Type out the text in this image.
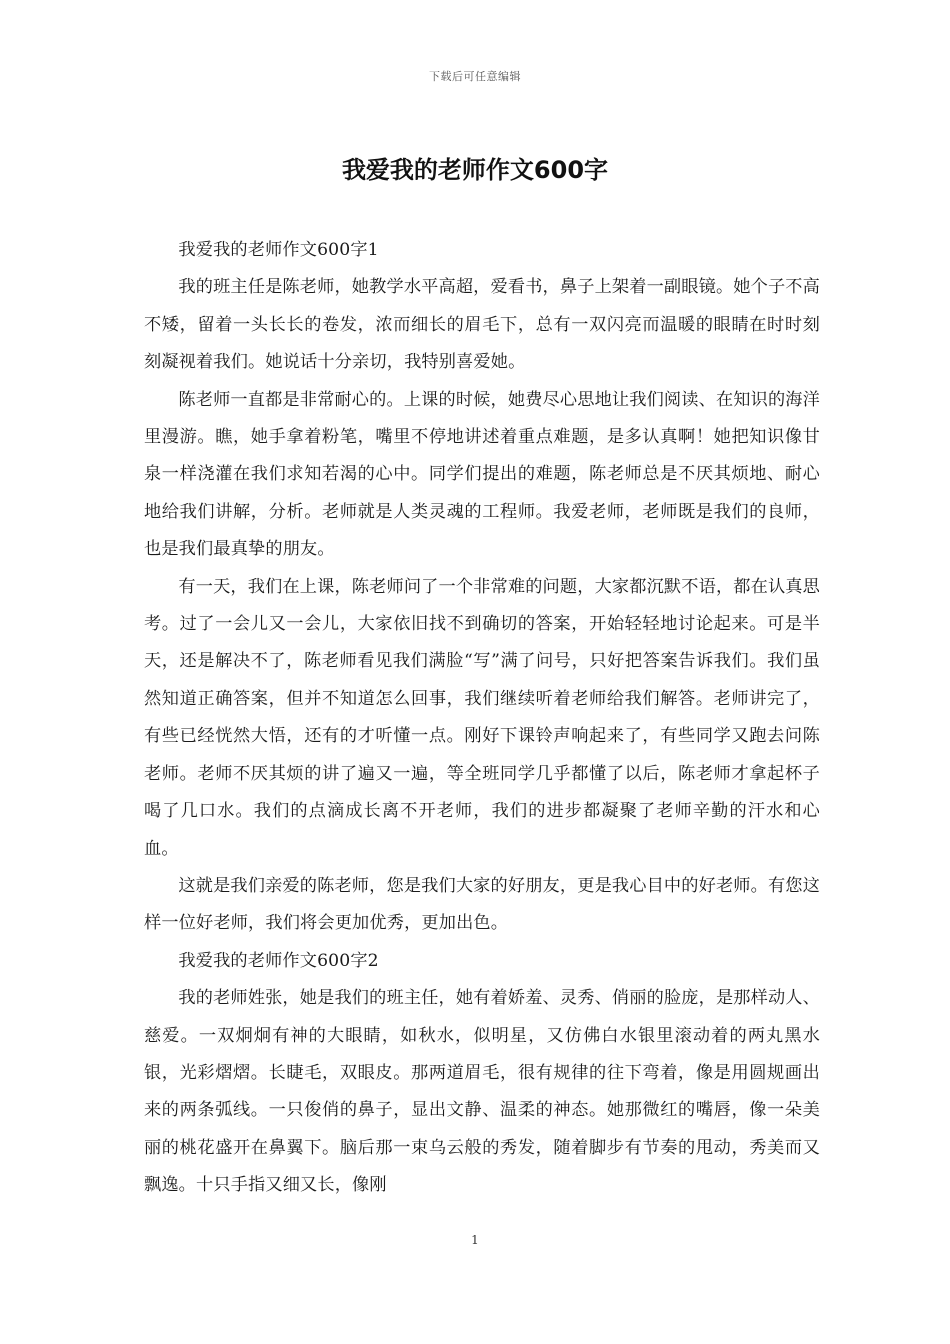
下载后可任意编辑
我爱我的老师作文600字

我爱我的老师作文600字1

我的班主任是陈老师，她教学水平高超，爱看书，鼻子上架着一副眼镜。她个子不高不矮，留着一头长长的卷发，浓而细长的眉毛下，总有一双闪亮而温暖的眼睛在时时刻刻凝视着我们。她说话十分亲切，我特别喜爱她。

陈老师一直都是非常耐心的。上课的时候，她费尽心思地让我们阅读、在知识的海洋里漫游。瞧，她手拿着粉笔，嘴里不停地讲述着重点难题，是多认真啊！她把知识像甘泉一样浇灌在我们求知若渴的心中。同学们提出的难题，陈老师总是不厌其烦地、耐心地给我们讲解，分析。老师就是人类灵魂的工程师。我爱老师，老师既是我们的良师，也是我们最真挚的朋友。

有一天，我们在上课，陈老师问了一个非常难的问题，大家都沉默不语，都在认真思考。过了一会儿又一会儿，大家依旧找不到确切的答案，开始轻轻地讨论起来。可是半天，还是解决不了，陈老师看见我们满脸“写”满了问号，只好把答案告诉我们。我们虽然知道正确答案，但并不知道怎么回事，我们继续听着老师给我们解答。老师讲完了，有些已经恍然大悟，还有的才听懂一点。刚好下课铃声响起来了，有些同学又跑去问陈老师。老师不厌其烦的讲了遍又一遍，等全班同学几乎都懂了以后，陈老师才拿起杯子喝了几口水。我们的点滴成长离不开老师，我们的进步都凝聚了老师辛勤的汗水和心血。

这就是我们亲爱的陈老师，您是我们大家的好朋友，更是我心目中的好老师。有您这样一位好老师，我们将会更加优秀，更加出色。

我爱我的老师作文600字2

我的老师姓张，她是我们的班主任，她有着娇羞、灵秀、俏丽的脸庞，是那样动人、慈爱。一双炯炯有神的大眼睛，如秋水，似明星，又仿佛白水银里滚动着的两丸黑水银，光彩熠熠。长睫毛，双眼皮。那两道眉毛，很有规律的往下弯着，像是用圆规画出来的两条弧线。一只俊俏的鼻子，显出文静、温柔的神态。她那微红的嘴唇，像一朵美丽的桃花盛开在鼻翼下。脑后那一束乌云般的秀发，随着脚步有节奏的甩动，秀美而又飘逸。十只手指又细又长，像刚

1
